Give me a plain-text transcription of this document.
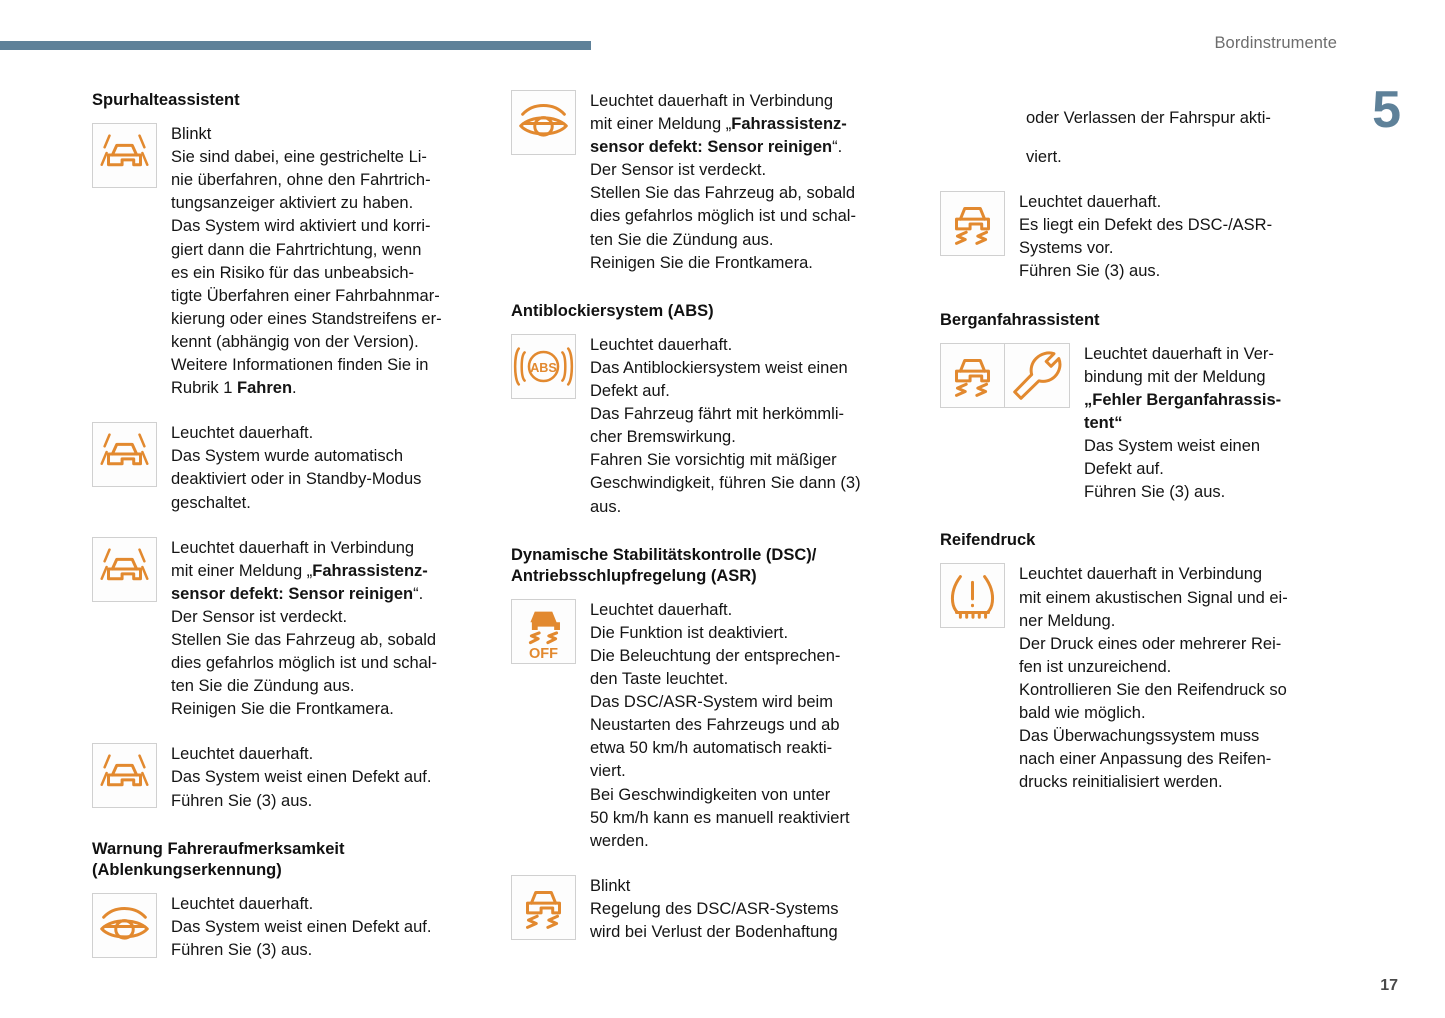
Bordinstrumente
5
17
Spurhalteassistent

Blinkt

Sie sind dabei, eine gestrichelte Li-

nie überfahren, ohne den Fahrtrich-

tungsanzeiger aktiviert zu haben.

Das System wird aktiviert und korri-

giert dann die Fahrtrichtung, wenn

es ein Risiko für das unbeabsich-

tigte Überfahren einer Fahrbahnmar-

kierung oder eines Standstreifens er-

kennt (abhängig von der Version).

Weitere Informationen finden Sie in

Rubrik 1 Fahren.

Leuchtet dauerhaft.

Das System wurde automatisch

deaktiviert oder in Standby-Modus

geschaltet.

Leuchtet dauerhaft in Verbindung

mit einer Meldung „Fahrassistenz-

sensor defekt: Sensor reinigen“.

Der Sensor ist verdeckt.

Stellen Sie das Fahrzeug ab, sobald

dies gefahrlos möglich ist und schal-

ten Sie die Zündung aus.

Reinigen Sie die Frontkamera.

Leuchtet dauerhaft.

Das System weist einen Defekt auf.

Führen Sie (3) aus.

Warnung Fahreraufmerksamkeit
(Ablenkungserkennung)

Leuchtet dauerhaft.

Das System weist einen Defekt auf.

Führen Sie (3) aus.

Leuchtet dauerhaft in Verbindung

mit einer Meldung „Fahrassistenz-

sensor defekt: Sensor reinigen“.

Der Sensor ist verdeckt.

Stellen Sie das Fahrzeug ab, sobald

dies gefahrlos möglich ist und schal-

ten Sie die Zündung aus.

Reinigen Sie die Frontkamera.

Antiblockiersystem (ABS)

Leuchtet dauerhaft.

Das Antiblockiersystem weist einen

Defekt auf.

Das Fahrzeug fährt mit herkömmli-

cher Bremswirkung.

Fahren Sie vorsichtig mit mäßiger

Geschwindigkeit, führen Sie dann (3)

aus.

Dynamische Stabilitätskontrolle (DSC)/
Antriebsschlupfregelung (ASR)

Leuchtet dauerhaft.

Die Funktion ist deaktiviert.

Die Beleuchtung der entsprechen-

den Taste leuchtet.

Das DSC/ASR-System wird beim

Neustarten des Fahrzeugs und ab

etwa 50 km/h automatisch reakti-

viert.

Bei Geschwindigkeiten von unter

50 km/h kann es manuell reaktiviert

werden.

Blinkt

Regelung des DSC/ASR-Systems

wird bei Verlust der Bodenhaftung

oder Verlassen der Fahrspur akti-

viert.

Leuchtet dauerhaft.

Es liegt ein Defekt des DSC-/ASR-

Systems vor.

Führen Sie (3) aus.

Berganfahrassistent

Leuchtet dauerhaft in Ver-

bindung mit der Meldung

„Fehler Berganfahrassis-

tent“

Das System weist einen

Defekt auf.

Führen Sie (3) aus.

Reifendruck

Leuchtet dauerhaft in Verbindung

mit einem akustischen Signal und ei-

ner Meldung.

Der Druck eines oder mehrerer Rei-

fen ist unzureichend.

Kontrollieren Sie den Reifendruck so

bald wie möglich.

Das Überwachungssystem muss

nach einer Anpassung des Reifen-

drucks reinitialisiert werden.
